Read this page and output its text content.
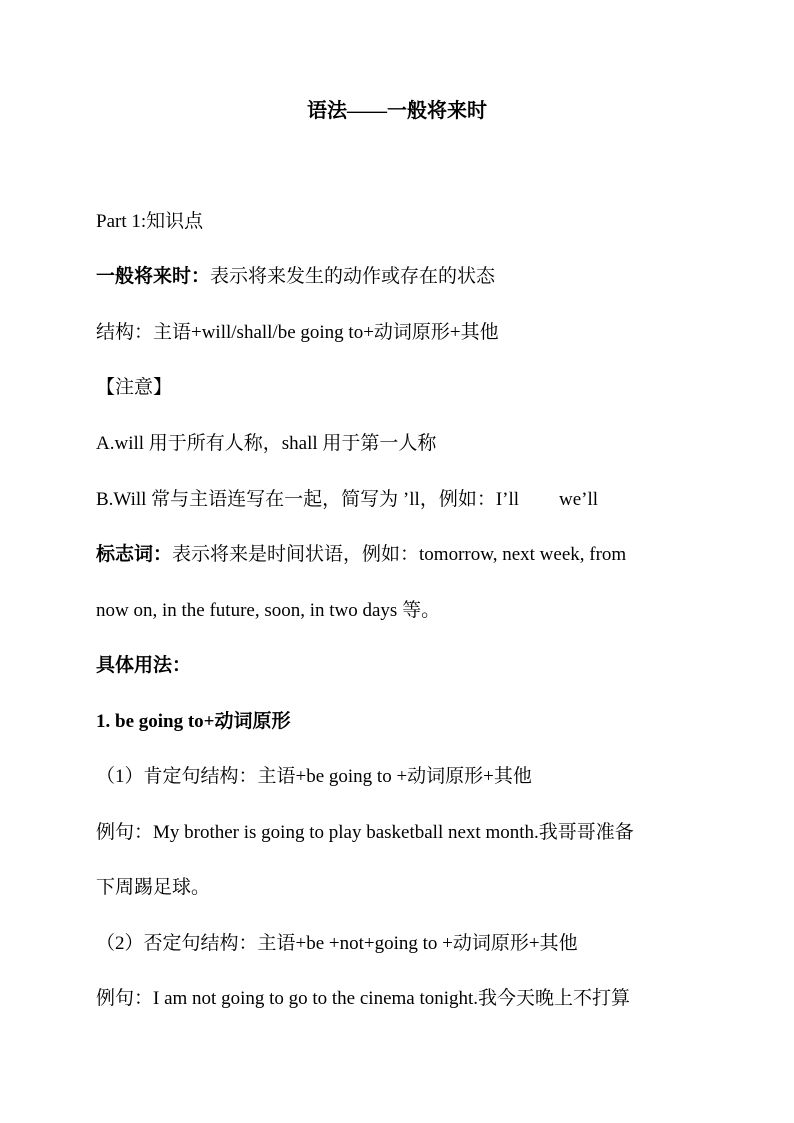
语法——一般将来时
Part 1:知识点
一般将来时：表示将来发生的动作或存在的状态
结构：主语+will/shall/be going to+动词原形+其他
【注意】
A.will 用于所有人称，shall 用于第一人称
B.Will 常与主语连写在一起，简写为 ’ll，例如：I’ll we’ll
标志词：表示将来是时间状语，例如：tomorrow, next week, from
now on, in the future, soon, in two days 等。
具体用法：
1. be going to+动词原形
（1）肯定句结构：主语+be going to +动词原形+其他
例句：My brother is going to play basketball next month.我哥哥准备
下周踢足球。
（2）否定句结构：主语+be +not+going to +动词原形+其他
例句：I am not going to go to the cinema tonight.我今天晚上不打算
